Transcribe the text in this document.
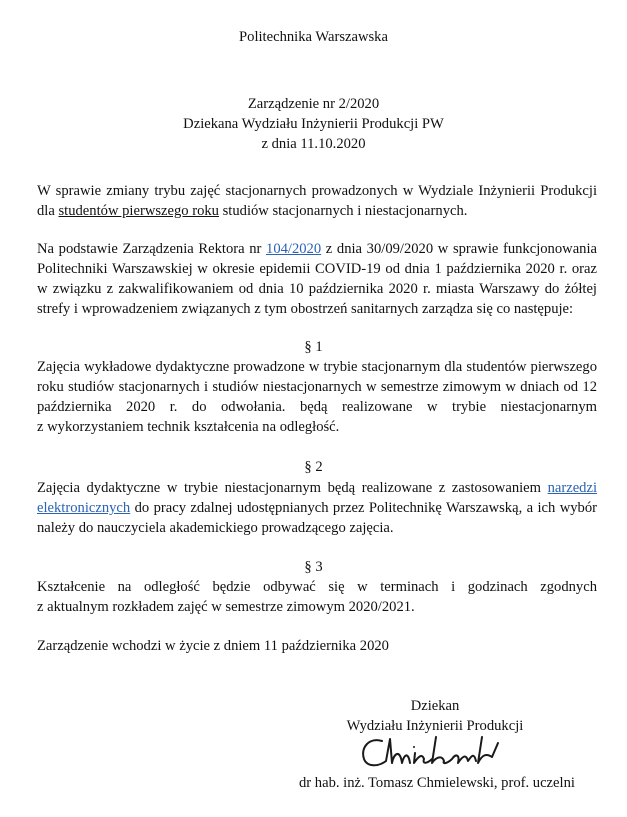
Politechnika Warszawska
Zarządzenie nr 2/2020
Dziekana Wydziału Inżynierii Produkcji PW
z dnia 11.10.2020
W sprawie zmiany trybu zajęć stacjonarnych prowadzonych w Wydziale Inżynierii Produkcji
dla studentów pierwszego roku studiów stacjonarnych i niestacjonarnych.
Na podstawie Zarządzenia Rektora nr 104/2020 z dnia 30/09/2020 w sprawie funkcjonowania
Politechniki Warszawskiej w okresie epidemii COVID-19 od dnia 1 października 2020 r. oraz
w związku z zakwalifikowaniem od dnia 10 października 2020 r. miasta Warszawy do żółtej
strefy i wprowadzeniem związanych z tym obostrzeń sanitarnych zarządza się co następuje:
§ 1
Zajęcia wykładowe dydaktyczne prowadzone w trybie stacjonarnym dla studentów pierwszego
roku studiów stacjonarnych i studiów niestacjonarnych w semestrze zimowym w dniach od 12
października 2020 r. do odwołania. będą realizowane w trybie niestacjonarnym
z wykorzystaniem technik kształcenia na odległość.
§ 2
Zajęcia dydaktyczne w trybie niestacjonarnym będą realizowane z zastosowaniem narzedzi
elektronicznych do pracy zdalnej udostępnianych przez Politechnikę Warszawską, a ich wybór
należy do nauczyciela akademickiego prowadzącego zajęcia.
§ 3
Kształcenie na odległość będzie odbywać się w terminach i godzinach zgodnych
z aktualnym rozkładem zajęć w semestrze zimowym 2020/2021.
Zarządzenie wchodzi w życie z dniem 11 października 2020
Dziekan
Wydziału Inżynierii Produkcji
dr hab. inż. Tomasz Chmielewski, prof. uczelni
